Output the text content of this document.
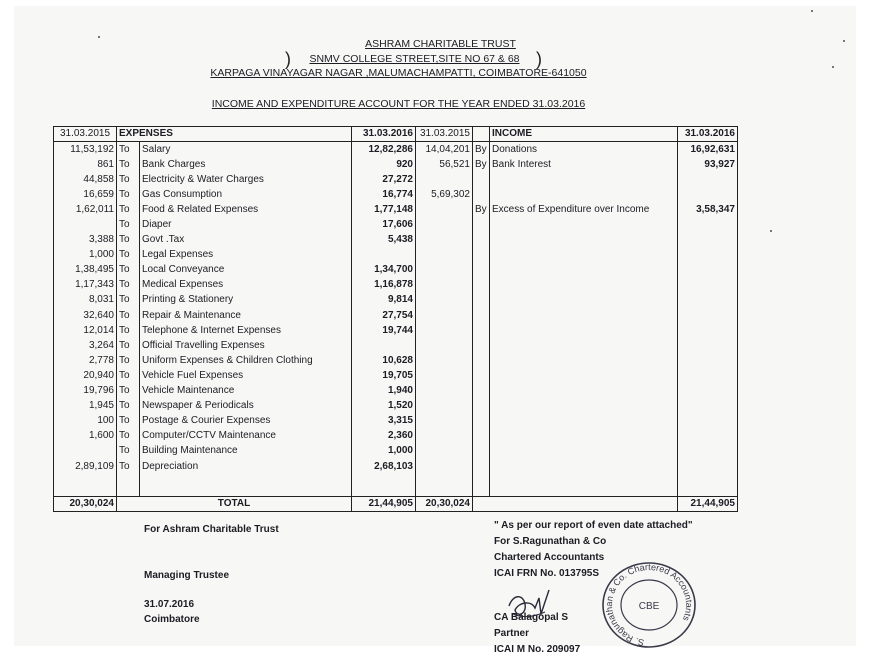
ASHRAM CHARITABLE TRUST
SNMV COLLEGE STREET,SITE NO 67 & 68
)	)
KARPAGA VINAYAGAR NAGAR ,MALUMACHAMPATTI, COIMBATORE-641050
INCOME AND EXPENDITURE ACCOUNT FOR THE YEAR ENDED 31.03.2016
31.03.2015	EXPENSES		31.03.2016	31.03.2015		INCOME	31.03.2016
11,53,192	To	Salary	12,82,286	14,04,201	By	Donations	16,92,631
861	To	Bank Charges	920	56,521	By	Bank Interest	93,927
44,858	To	Electricity & Water Charges	27,272				
16,659	To	Gas Consumption	16,774	5,69,302			
1,62,011	To	Food & Related Expenses	1,77,148		By	Excess of Expenditure over Income	3,58,347
	To	Diaper	17,606				
3,388	To	Govt .Tax	5,438				
1,000	To	Legal Expenses					
1,38,495	To	Local Conveyance	1,34,700				
1,17,343	To	Medical Expenses	1,16,878				
8,031	To	Printing & Stationery	9,814				
32,640	To	Repair & Maintenance	27,754				
12,014	To	Telephone & Internet Expenses	19,744				
3,264	To	Official Travelling Expenses					
2,778	To	Uniform Expenses & Children Clothing	10,628				
20,940	To	Vehicle Fuel Expenses	19,705				
19,796	To	Vehicle Maintenance	1,940				
1,945	To	Newspaper & Periodicals	1,520				
100	To	Postage & Courier Expenses	3,315				
1,600	To	Computer/CCTV Maintenance	2,360				
	To	Building Maintenance	1,000				
2,89,109	To	Depreciation	2,68,103				

20,30,024	TOTAL		21,44,905	20,30,024			21,44,905
For Ashram Charitable Trust
Managing Trustee
31.07.2016
Coimbatore
" As per our report of even date attached"
For S.Ragunathan & Co
Chartered Accountants
ICAI FRN No. 013795S
CA Balagopal S
Partner
ICAI M No. 209097
S. Ragunathan & Co. Chartered Accountants
CBE
